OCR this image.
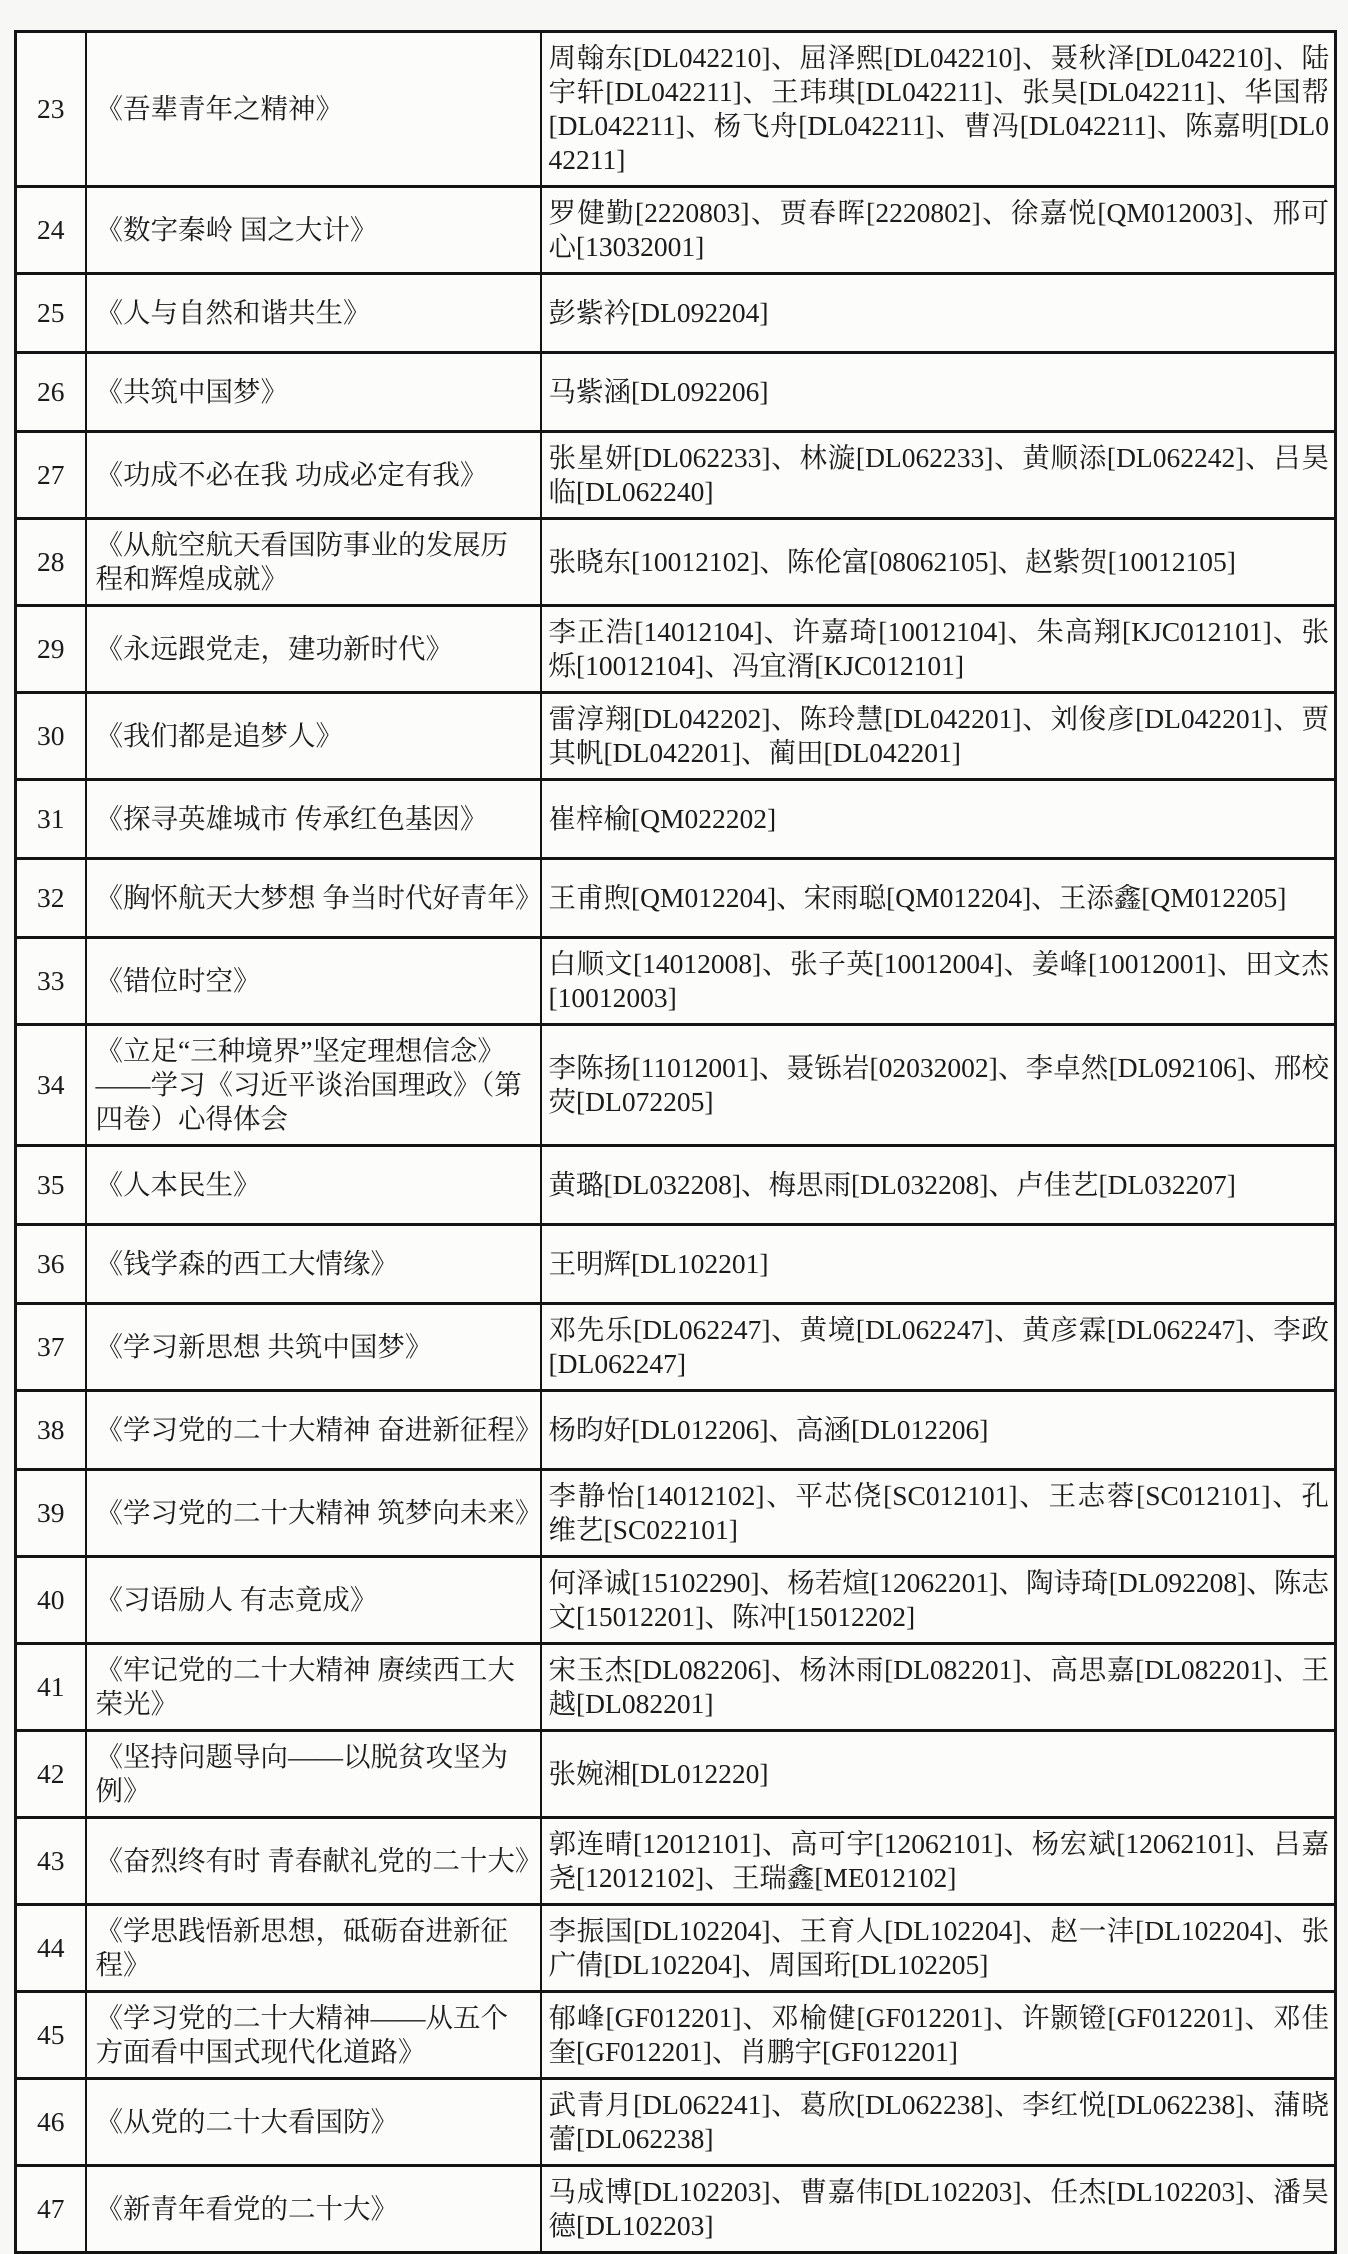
23	《吾辈青年之精神》	周翰东[DL042210]、屈泽熙[DL042210]、聂秋泽[DL042210]、陆宇轩[DL042211]、王玮琪[DL042211]、张昊[DL042211]、华国帮[DL042211]、杨飞舟[DL042211]、曹冯[DL042211]、陈嘉明[DL042211]
24	《数字秦岭 国之大计》	罗健勤[2220803]、贾春晖[2220802]、徐嘉悦[QM012003]、邢可心[13032001]
25	《人与自然和谐共生》	彭紫衿[DL092204]
26	《共筑中国梦》	马紫涵[DL092206]
27	《功成不必在我 功成必定有我》	张星妍[DL062233]、林漩[DL062233]、黄顺添[DL062242]、吕昊临[DL062240]
28	《从航空航天看国防事业的发展历程和辉煌成就》	张晓东[10012102]、陈伦富[08062105]、赵紫贺[10012105]
29	《永远跟党走，建功新时代》	李正浩[14012104]、许嘉琦[10012104]、朱高翔[KJC012101]、张烁[10012104]、冯宜湑[KJC012101]
30	《我们都是追梦人》	雷淳翔[DL042202]、陈玲慧[DL042201]、刘俊彦[DL042201]、贾其帆[DL042201]、蔺田[DL042201]
31	《探寻英雄城市 传承红色基因》	崔梓榆[QM022202]
32	《胸怀航天大梦想 争当时代好青年》	王甫煦[QM012204]、宋雨聪[QM012204]、王添鑫[QM012205]
33	《错位时空》	白顺文[14012008]、张子英[10012004]、姜峰[10012001]、田文杰[10012003]
34	《立足“三种境界”坚定理想信念》——学习《习近平谈治国理政》（第四卷）心得体会	李陈扬[11012001]、聂铄岩[02032002]、李卓然[DL092106]、邢校荧[DL072205]
35	《人本民生》	黄璐[DL032208]、梅思雨[DL032208]、卢佳艺[DL032207]
36	《钱学森的西工大情缘》	王明辉[DL102201]
37	《学习新思想 共筑中国梦》	邓先乐[DL062247]、黄境[DL062247]、黄彦霖[DL062247]、李政[DL062247]
38	《学习党的二十大精神 奋进新征程》	杨昀好[DL012206]、高涵[DL012206]
39	《学习党的二十大精神 筑梦向未来》	李静怡[14012102]、平芯侥[SC012101]、王志蓉[SC012101]、孔维艺[SC022101]
40	《习语励人 有志竟成》	何泽诚[15102290]、杨若煊[12062201]、陶诗琦[DL092208]、陈志文[15012201]、陈冲[15012202]
41	《牢记党的二十大精神 赓续西工大荣光》	宋玉杰[DL082206]、杨沐雨[DL082201]、高思嘉[DL082201]、王越[DL082201]
42	《坚持问题导向——以脱贫攻坚为例》	张婉湘[DL012220]
43	《奋烈终有时 青春献礼党的二十大》	郭连晴[12012101]、高可宇[12062101]、杨宏斌[12062101]、吕嘉尧[12012102]、王瑞鑫[ME012102]
44	《学思践悟新思想，砥砺奋进新征程》	李振国[DL102204]、王育人[DL102204]、赵一沣[DL102204]、张广倩[DL102204]、周国珩[DL102205]
45	《学习党的二十大精神——从五个方面看中国式现代化道路》	郁峰[GF012201]、邓榆健[GF012201]、许颢镫[GF012201]、邓佳奎[GF012201]、肖鹏宇[GF012201]
46	《从党的二十大看国防》	武青月[DL062241]、葛欣[DL062238]、李红悦[DL062238]、蒲晓蕾[DL062238]
47	《新青年看党的二十大》	马成博[DL102203]、曹嘉伟[DL102203]、任杰[DL102203]、潘昊德[DL102203]
